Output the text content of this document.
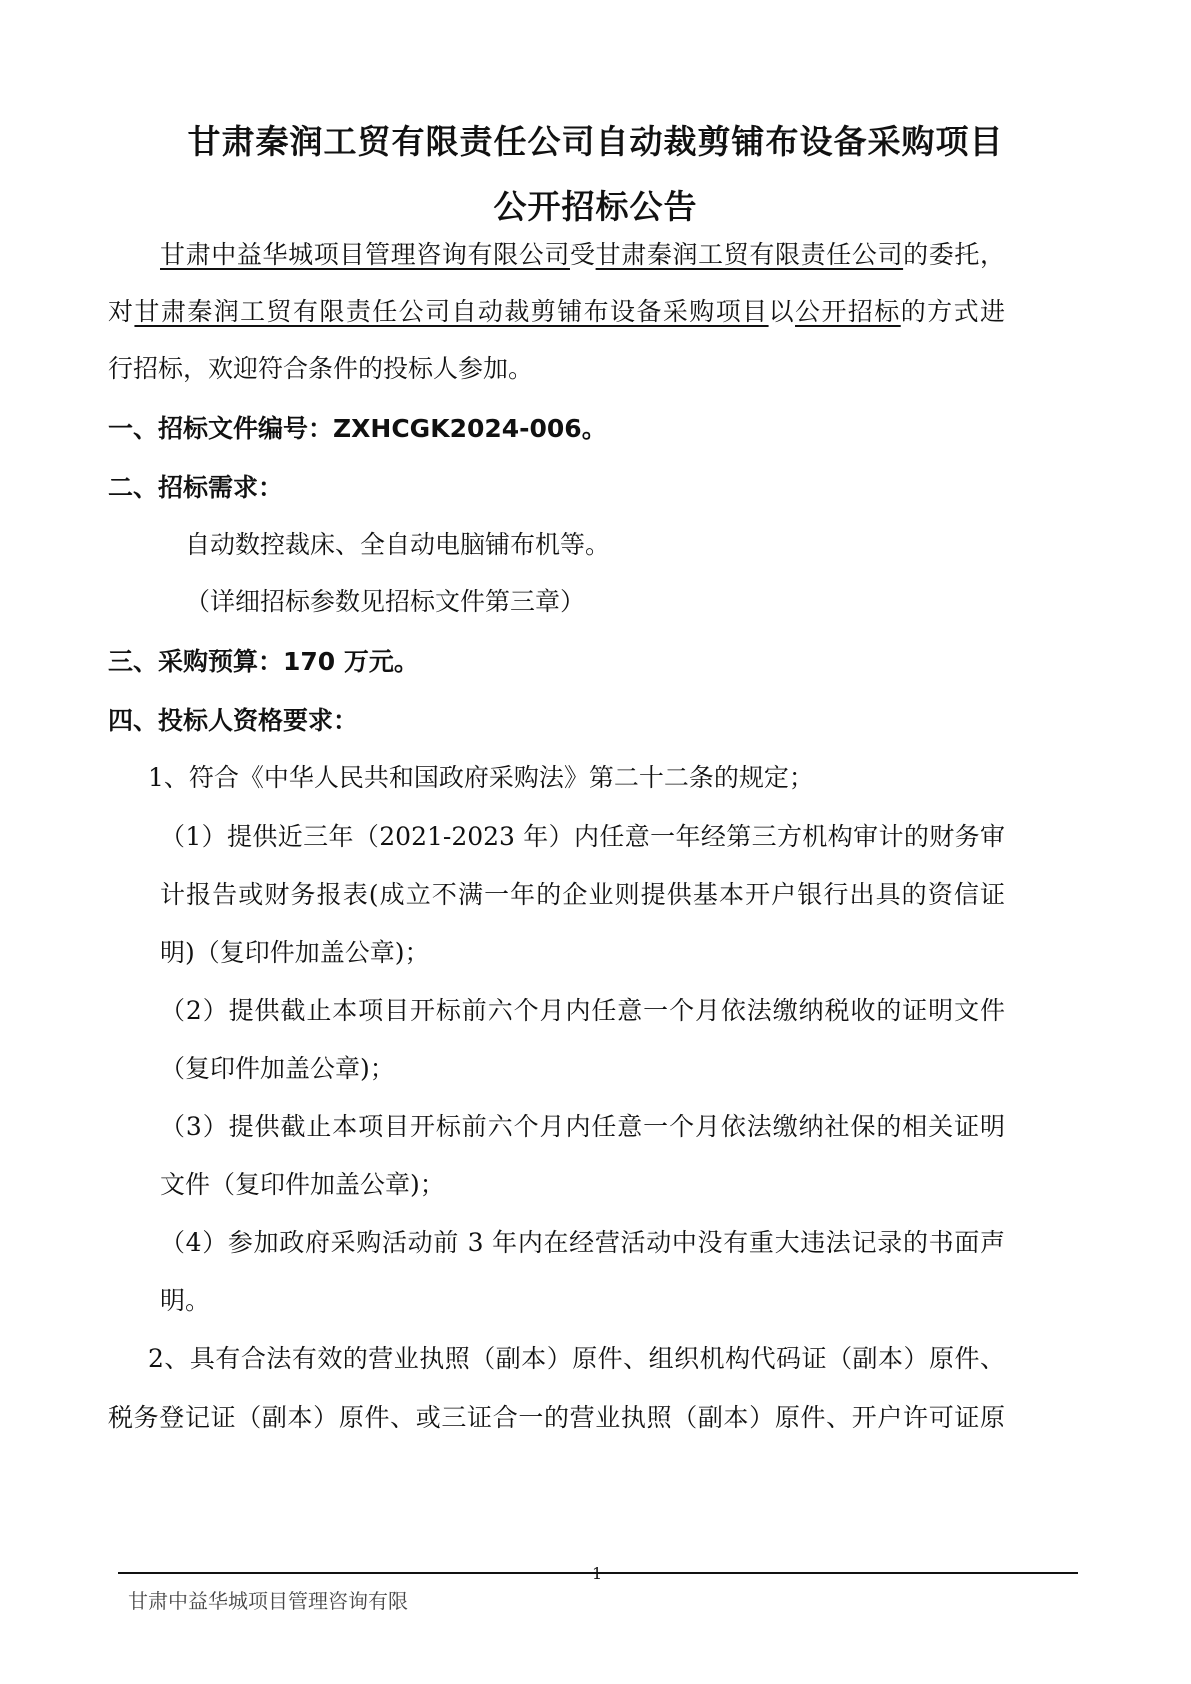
甘肃秦润工贸有限责任公司自动裁剪铺布设备采购项目
公开招标公告
甘肃中益华城项目管理咨询有限公司受甘肃秦润工贸有限责任公司的委托，
对甘肃秦润工贸有限责任公司自动裁剪铺布设备采购项目以公开招标的方式进
行招标，欢迎符合条件的投标人参加。
一、招标文件编号：ZXHCGK2024-006。
二、招标需求：
自动数控裁床、全自动电脑铺布机等。
（详细招标参数见招标文件第三章）
三、采购预算：170 万元。
四、投标人资格要求：
1、符合《中华人民共和国政府采购法》第二十二条的规定；
（1）提供近三年（2021-2023 年）内任意一年经第三方机构审计的财务审
计报告或财务报表(成立不满一年的企业则提供基本开户银行出具的资信证
明)（复印件加盖公章)；
（2）提供截止本项目开标前六个月内任意一个月依法缴纳税收的证明文件
（复印件加盖公章)；
（3）提供截止本项目开标前六个月内任意一个月依法缴纳社保的相关证明
文件（复印件加盖公章)；
（4）参加政府采购活动前 3 年内在经营活动中没有重大违法记录的书面声
明。
2、具有合法有效的营业执照（副本）原件、组织机构代码证（副本）原件、
税务登记证（副本）原件、或三证合一的营业执照（副本）原件、开户许可证原
1
甘肃中益华城项目管理咨询有限
